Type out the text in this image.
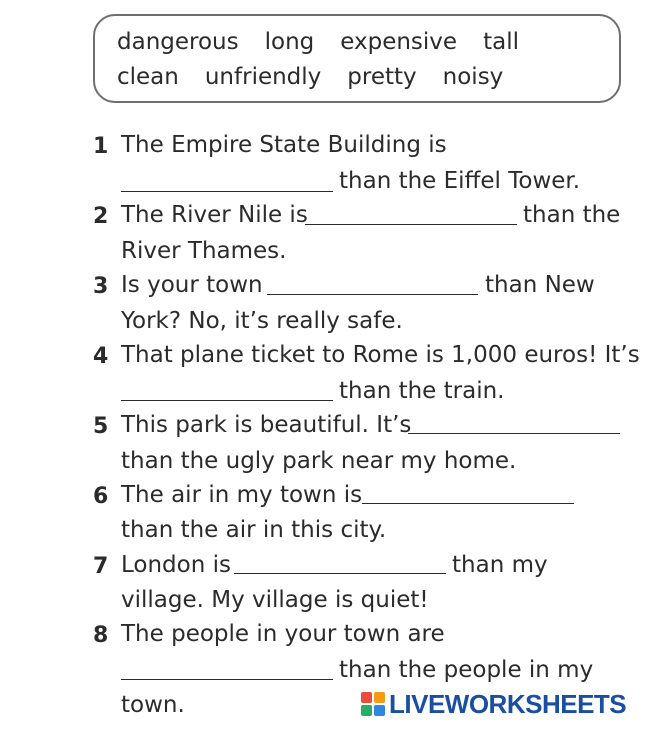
dangerous long expensive tall
clean unfriendly pretty noisy
1 The Empire State Building is
than the Eiffel Tower.
2 The River Nile is	than the
River Thames.
3 Is your town	than New
York? No, it’s really safe.
4 That plane ticket to Rome is 1,000 euros! It’s
than the train.
5 This park is beautiful. It’s
than the ugly park near my home.
6 The air in my town is
than the air in this city.
7 London is	than my
village. My village is quiet!
8 The people in your town are
than the people in my
town.	LIVEWORKSHEETS
